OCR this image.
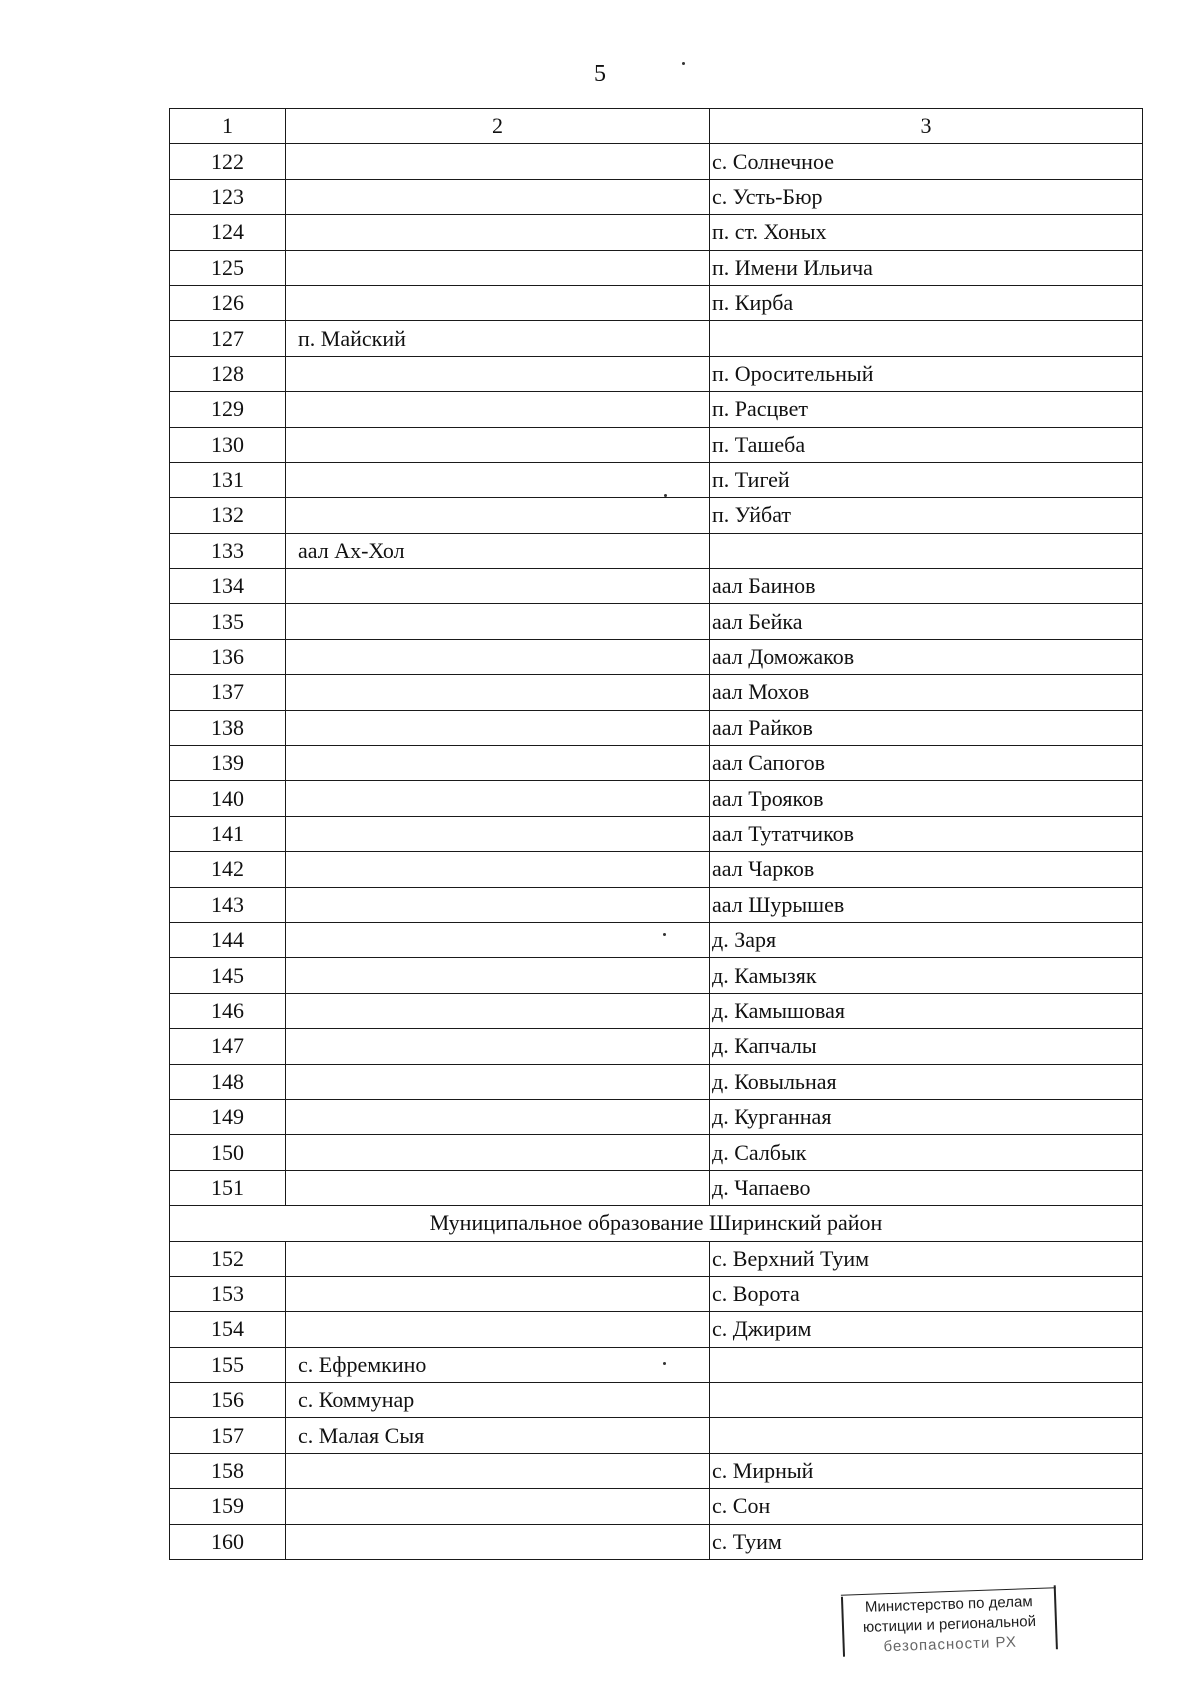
5
1	2	3
122		с. Солнечное
123		с. Усть-Бюр
124		п. ст. Хоных
125		п. Имени Ильича
126		п. Кирба
127	п. Майский	
128		п. Оросительный
129		п. Расцвет
130		п. Ташеба
131		п. Тигей
132		п. Уйбат
133	аал Ах-Хол	
134		аал Баинов
135		аал Бейка
136		аал Доможаков
137		аал Мохов
138		аал Райков
139		аал Сапогов
140		аал Трояков
141		аал Тутатчиков
142		аал Чарков
143		аал Шурышев
144		д. Заря
145		д. Камызяк
146		д. Камышовая
147		д. Капчалы
148		д. Ковыльная
149		д. Курганная
150		д. Салбык
151		д. Чапаево
Муниципальное образование Ширинский район		
152		с. Верхний Туим
153		с. Ворота
154		с. Джирим
155	с. Ефремкино	
156	с. Коммунар	
157	с. Малая Сыя	
158		с. Мирный
159		с. Сон
160		с. Туим
Министерство по делам
юстиции и региональной
безопасности РХ
